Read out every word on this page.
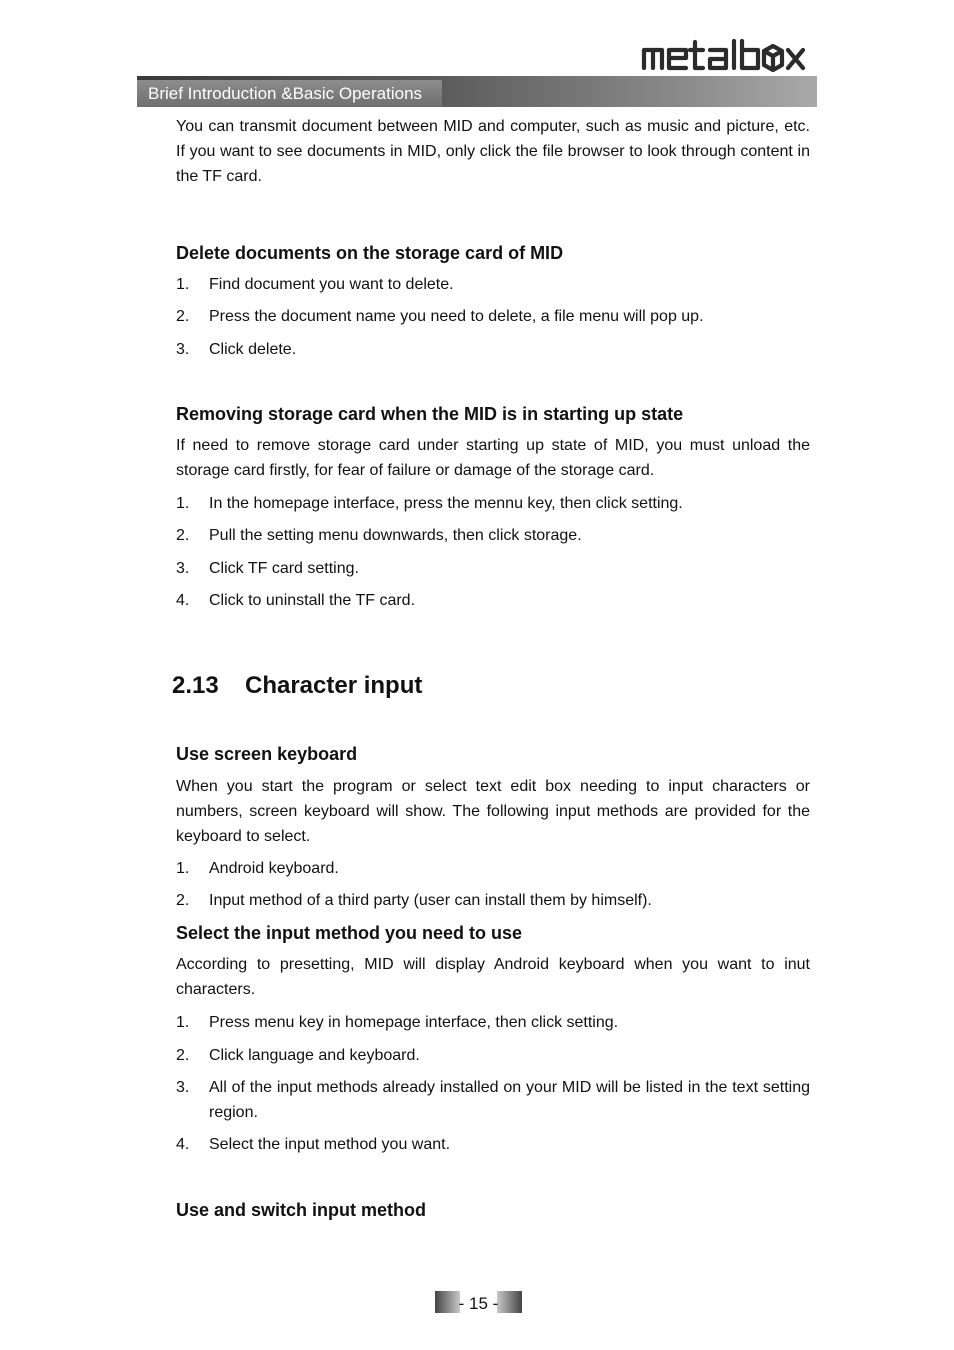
Brief Introduction &Basic Operations

You can transmit document between MID and computer, such as music and picture, etc. If you want to see documents in MID, only click the file browser to look through content in the TF card.

Delete documents on the storage card of MID
1. Find document you want to delete.
2. Press the document name you need to delete, a file menu will pop up.
3. Click delete.
Removing storage card when the MID is in starting up state

If need to remove storage card under starting up state of MID, you must unload the storage card firstly, for fear of failure or damage of the storage card.

1. In the homepage interface, press the mennu key, then click setting.
2. Pull the setting menu downwards, then click storage.
3. Click TF card setting.
4. Click to uninstall the TF card.
2.13 Character input
Use screen keyboard

When you start the program or select text edit box needing to input characters or numbers, screen keyboard will show. The following input methods are provided for the keyboard to select.

1. Android keyboard.
2. Input method of a third party (user can install them by himself).
Select the input method you need to use

According to presetting, MID will display Android keyboard when you want to inut characters.

1. Press menu key in homepage interface, then click setting.
2. Click language and keyboard.
3. All of the input methods already installed on your MID will be listed in the text setting region.
4. Select the input method you want.
Use and switch input method
- 15 -
